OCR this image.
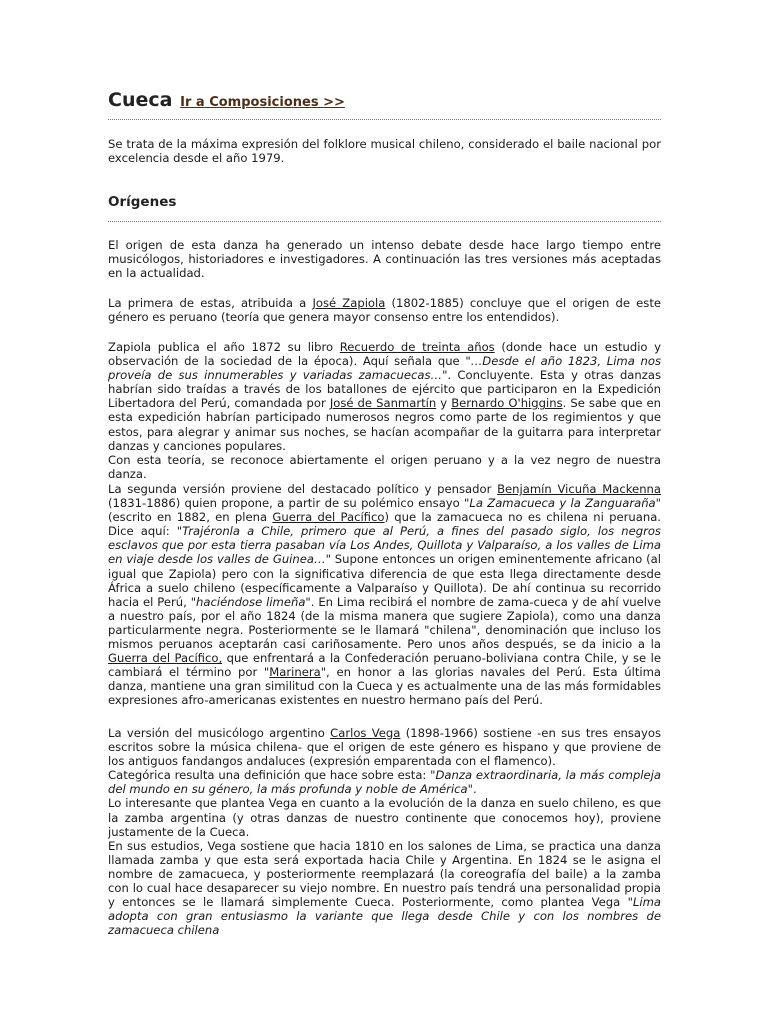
Cueca Ir a Composiciones >>
Se trata de la máxima expresión del folklore musical chileno, considerado el baile nacional por excelencia desde el año 1979.
Orígenes
El origen de esta danza ha generado un intenso debate desde hace largo tiempo entre musicólogos, historiadores e investigadores. A continuación las tres versiones más aceptadas en la actualidad.
La primera de estas, atribuida a José Zapiola (1802-1885) concluye que el origen de este género es peruano (teoría que genera mayor consenso entre los entendidos).
Zapiola publica el año 1872 su libro Recuerdo de treinta años (donde hace un estudio y observación de la sociedad de la época). Aquí señala que "…Desde el año 1823, Lima nos proveía de sus innumerables y variadas zamacuecas…". Concluyente. Esta y otras danzas habrían sido traídas a través de los batallones de ejército que participaron en la Expedición Libertadora del Perú, comandada por José de Sanmartín y Bernardo O'higgins. Se sabe que en esta expedición habrían participado numerosos negros como parte de los regimientos y que estos, para alegrar y animar sus noches, se hacían acompañar de la guitarra para interpretar danzas y canciones populares.
Con esta teoría, se reconoce abiertamente el origen peruano y a la vez negro de nuestra danza.
La segunda versión proviene del destacado político y pensador Benjamín Vicuña Mackenna (1831-1886) quien propone, a partir de su polémico ensayo "La Zamacueca y la Zanguaraña" (escrito en 1882, en plena Guerra del Pacífico) que la zamacueca no es chilena ni peruana. Dice aquí: "Trajéronla a Chile, primero que al Perú, a fines del pasado siglo, los negros esclavos que por esta tierra pasaban vía Los Andes, Quillota y Valparaíso, a los valles de Lima en viaje desde los valles de Guinea…" Supone entonces un origen eminentemente africano (al igual que Zapiola) pero con la significativa diferencia de que esta llega directamente desde África a suelo chileno (específicamente a Valparaíso y Quillota). De ahí continua su recorrido hacia el Perú, "haciéndose limeña". En Lima recibirá el nombre de zama-cueca y de ahí vuelve a nuestro país, por el año 1824 (de la misma manera que sugiere Zapiola), como una danza particularmente negra. Posteriormente se le llamará "chilena", denominación que incluso los mismos peruanos aceptarán casi cariñosamente. Pero unos años después, se da inicio a la Guerra del Pacífico, que enfrentará a la Confederación peruano-boliviana contra Chile, y se le cambiará el término por "Marinera", en honor a las glorias navales del Perú. Esta última danza, mantiene una gran similitud con la Cueca y es actualmente una de las más formidables expresiones afro-americanas existentes en nuestro hermano país del Perú.
La versión del musicólogo argentino Carlos Vega (1898-1966) sostiene -en sus tres ensayos escritos sobre la música chilena- que el origen de este género es hispano y que proviene de los antiguos fandangos andaluces (expresión emparentada con el flamenco).
Categórica resulta una definición que hace sobre esta: "Danza extraordinaria, la más compleja del mundo en su género, la más profunda y noble de América".
Lo interesante que plantea Vega en cuanto a la evolución de la danza en suelo chileno, es que la zamba argentina (y otras danzas de nuestro continente que conocemos hoy), proviene justamente de la Cueca.
En sus estudios, Vega sostiene que hacia 1810 en los salones de Lima, se practica una danza llamada zamba y que esta será exportada hacia Chile y Argentina. En 1824 se le asigna el nombre de zamacueca, y posteriormente reemplazará (la coreografía del baile) a la zamba con lo cual hace desaparecer su viejo nombre. En nuestro país tendrá una personalidad propia y entonces se le llamará simplemente Cueca. Posteriormente, como plantea Vega "Lima adopta con gran entusiasmo la variante que llega desde Chile y con los nombres de zamacueca chilena
